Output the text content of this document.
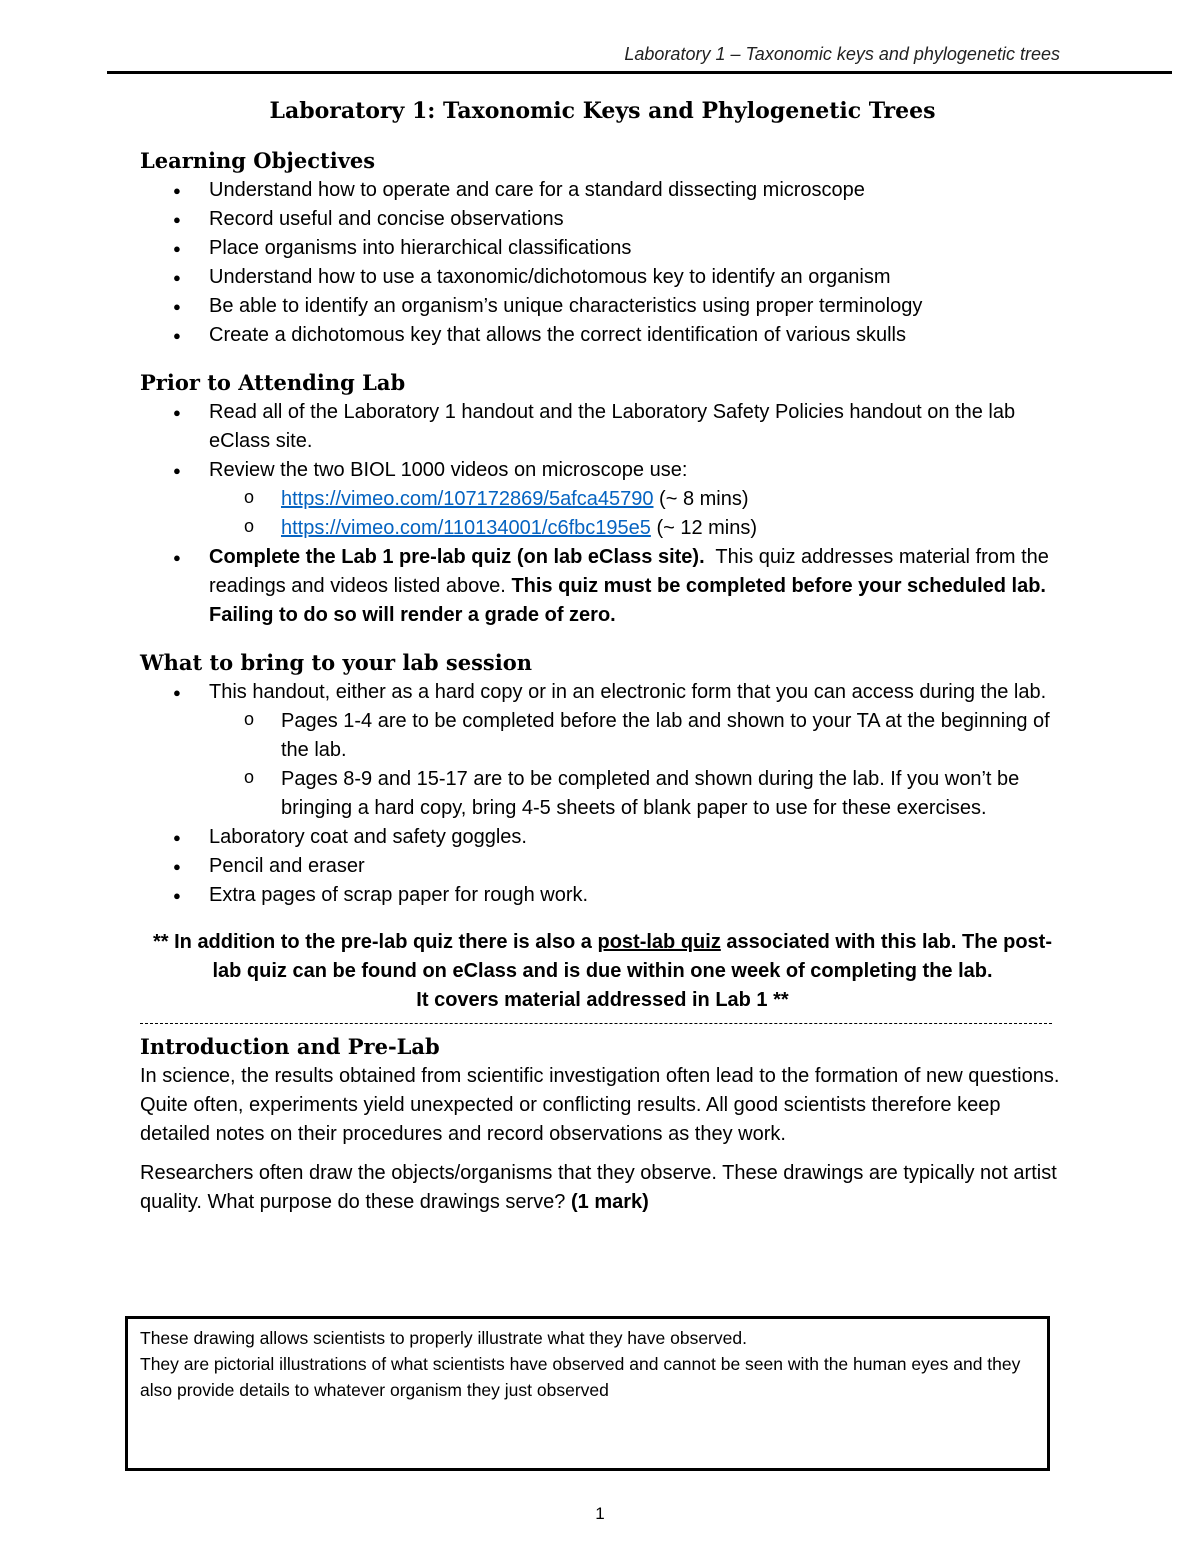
Laboratory 1 – Taxonomic keys and phylogenetic trees
Laboratory 1: Taxonomic Keys and Phylogenetic Trees
Learning Objectives
● Understand how to operate and care for a standard dissecting microscope
● Record useful and concise observations
● Place organisms into hierarchical classifications
● Understand how to use a taxonomic/dichotomous key to identify an organism
● Be able to identify an organism’s unique characteristics using proper terminology
● Create a dichotomous key that allows the correct identification of various skulls
Prior to Attending Lab
● Read all of the Laboratory 1 handout and the Laboratory Safety Policies handout on the lab eClass site.
● Review the two BIOL 1000 videos on microscope use:
o https://vimeo.com/107172869/5afca45790 (~ 8 mins)
o https://vimeo.com/110134001/c6fbc195e5 (~ 12 mins)
● Complete the Lab 1 pre-lab quiz (on lab eClass site). This quiz addresses material from the readings and videos listed above. This quiz must be completed before your scheduled lab. Failing to do so will render a grade of zero.
What to bring to your lab session
● This handout, either as a hard copy or in an electronic form that you can access during the lab.
o Pages 1-4 are to be completed before the lab and shown to your TA at the beginning of the lab.
o Pages 8-9 and 15-17 are to be completed and shown during the lab. If you won’t be bringing a hard copy, bring 4-5 sheets of blank paper to use for these exercises.
● Laboratory coat and safety goggles.
● Pencil and eraser
● Extra pages of scrap paper for rough work.
** In addition to the pre-lab quiz there is also a post-lab quiz associated with this lab. The post-lab quiz can be found on eClass and is due within one week of completing the lab.
It covers material addressed in Lab 1 **
Introduction and Pre-Lab

In science, the results obtained from scientific investigation often lead to the formation of new questions. Quite often, experiments yield unexpected or conflicting results. All good scientists therefore keep detailed notes on their procedures and record observations as they work.

Researchers often draw the objects/organisms that they observe. These drawings are typically not artist quality. What purpose do these drawings serve? (1 mark)

These drawing allows scientists to properly illustrate what they have observed.
They are pictorial illustrations of what scientists have observed and cannot be seen with the human eyes and they also provide details to whatever organism they just observed
1
